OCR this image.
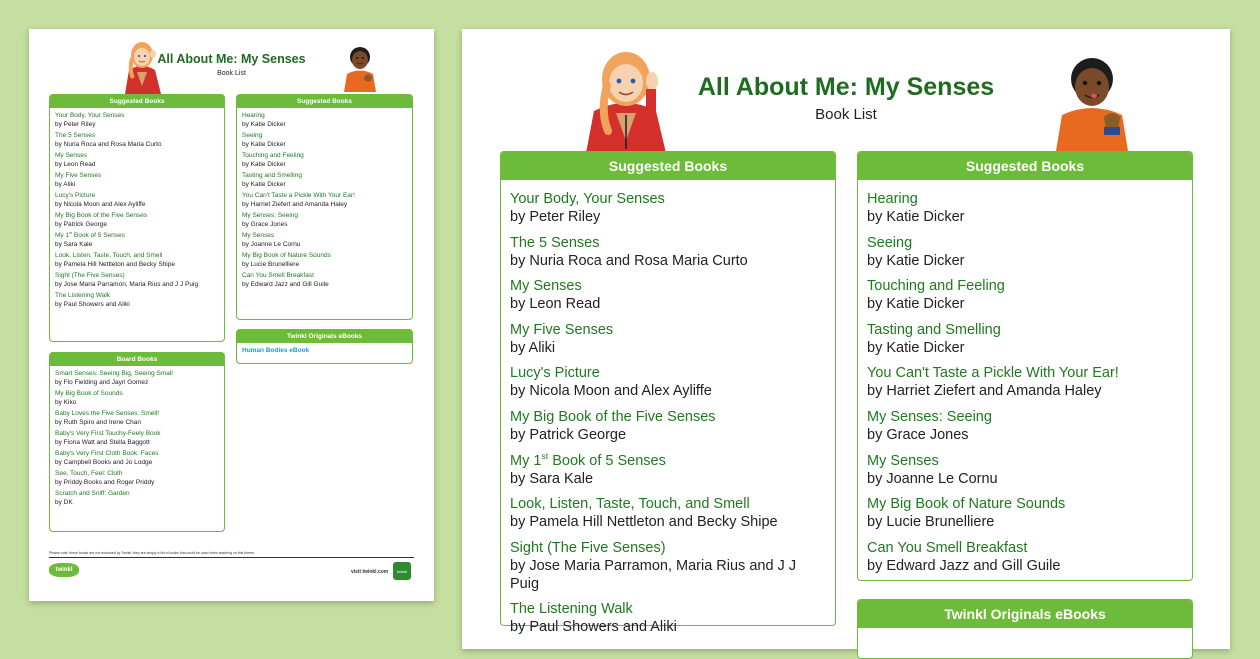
All About Me: My Senses
Book List
Suggested Books
Your Body, Your Senses
by Peter Riley
The 5 Senses
by Nuria Roca and Rosa Maria Curto
My Senses
by Leon Read
My Five Senses
by Aliki
Lucy's Picture
by Nicola Moon and Alex Ayliffe
My Big Book of the Five Senses
by Patrick George
My 1st Book of 5 Senses
by Sara Kale
Look, Listen, Taste, Touch, and Smell
by Pamela Hill Nettleton and Becky Shipe
Sight (The Five Senses)
by Jose Maria Parramon, Maria Rius and J J Puig
The Listening Walk
by Paul Showers and Aliki
Suggested Books
Hearing
by Katie Dicker
Seeing
by Katie Dicker
Touching and Feeling
by Katie Dicker
Tasting and Smelling
by Katie Dicker
You Can't Taste a Pickle With Your Ear!
by Harriet Ziefert and Amanda Haley
My Senses: Seeing
by Grace Jones
My Senses
by Joanne Le Cornu
My Big Book of Nature Sounds
by Lucie Brunelliere
Can You Smell Breakfast
by Edward Jazz and Gill Guile
Board Books
Smart Senses: Seeing Big, Seeing Small
by Flo Fielding and Jayri Gomez
My Big Book of Sounds
by Kiko
Baby Loves the Five Senses: Smell!
by Ruth Spiro and Irene Chan
Baby's Very First Touchy-Feely Book
by Fiona Watt and Stella Baggott
Baby's Very First Cloth Book: Faces
by Campbell Books and Jo Lodge
See, Touch, Feel: Cloth
by Priddy Books and Roger Priddy
Scratch and Sniff: Garden
by DK
Twinkl Originals eBooks
Human Bodies eBook
Please note: these books are not endorsed by Twinkl; they are simply a list of books that could be used when teaching on this theme.
twinkl	visit twinkl.com	twinkl
All About Me: My Senses
Book List
Suggested Books
Your Body, Your Senses
by Peter Riley
The 5 Senses
by Nuria Roca and Rosa Maria Curto
My Senses
by Leon Read
My Five Senses
by Aliki
Lucy's Picture
by Nicola Moon and Alex Ayliffe
My Big Book of the Five Senses
by Patrick George
My 1st Book of 5 Senses
by Sara Kale
Look, Listen, Taste, Touch, and Smell
by Pamela Hill Nettleton and Becky Shipe
Sight (The Five Senses)
by Jose Maria Parramon, Maria Rius and J J Puig
The Listening Walk
by Paul Showers and Aliki
Suggested Books
Hearing
by Katie Dicker
Seeing
by Katie Dicker
Touching and Feeling
by Katie Dicker
Tasting and Smelling
by Katie Dicker
You Can't Taste a Pickle With Your Ear!
by Harriet Ziefert and Amanda Haley
My Senses: Seeing
by Grace Jones
My Senses
by Joanne Le Cornu
My Big Book of Nature Sounds
by Lucie Brunelliere
Can You Smell Breakfast
by Edward Jazz and Gill Guile
Twinkl Originals eBooks
